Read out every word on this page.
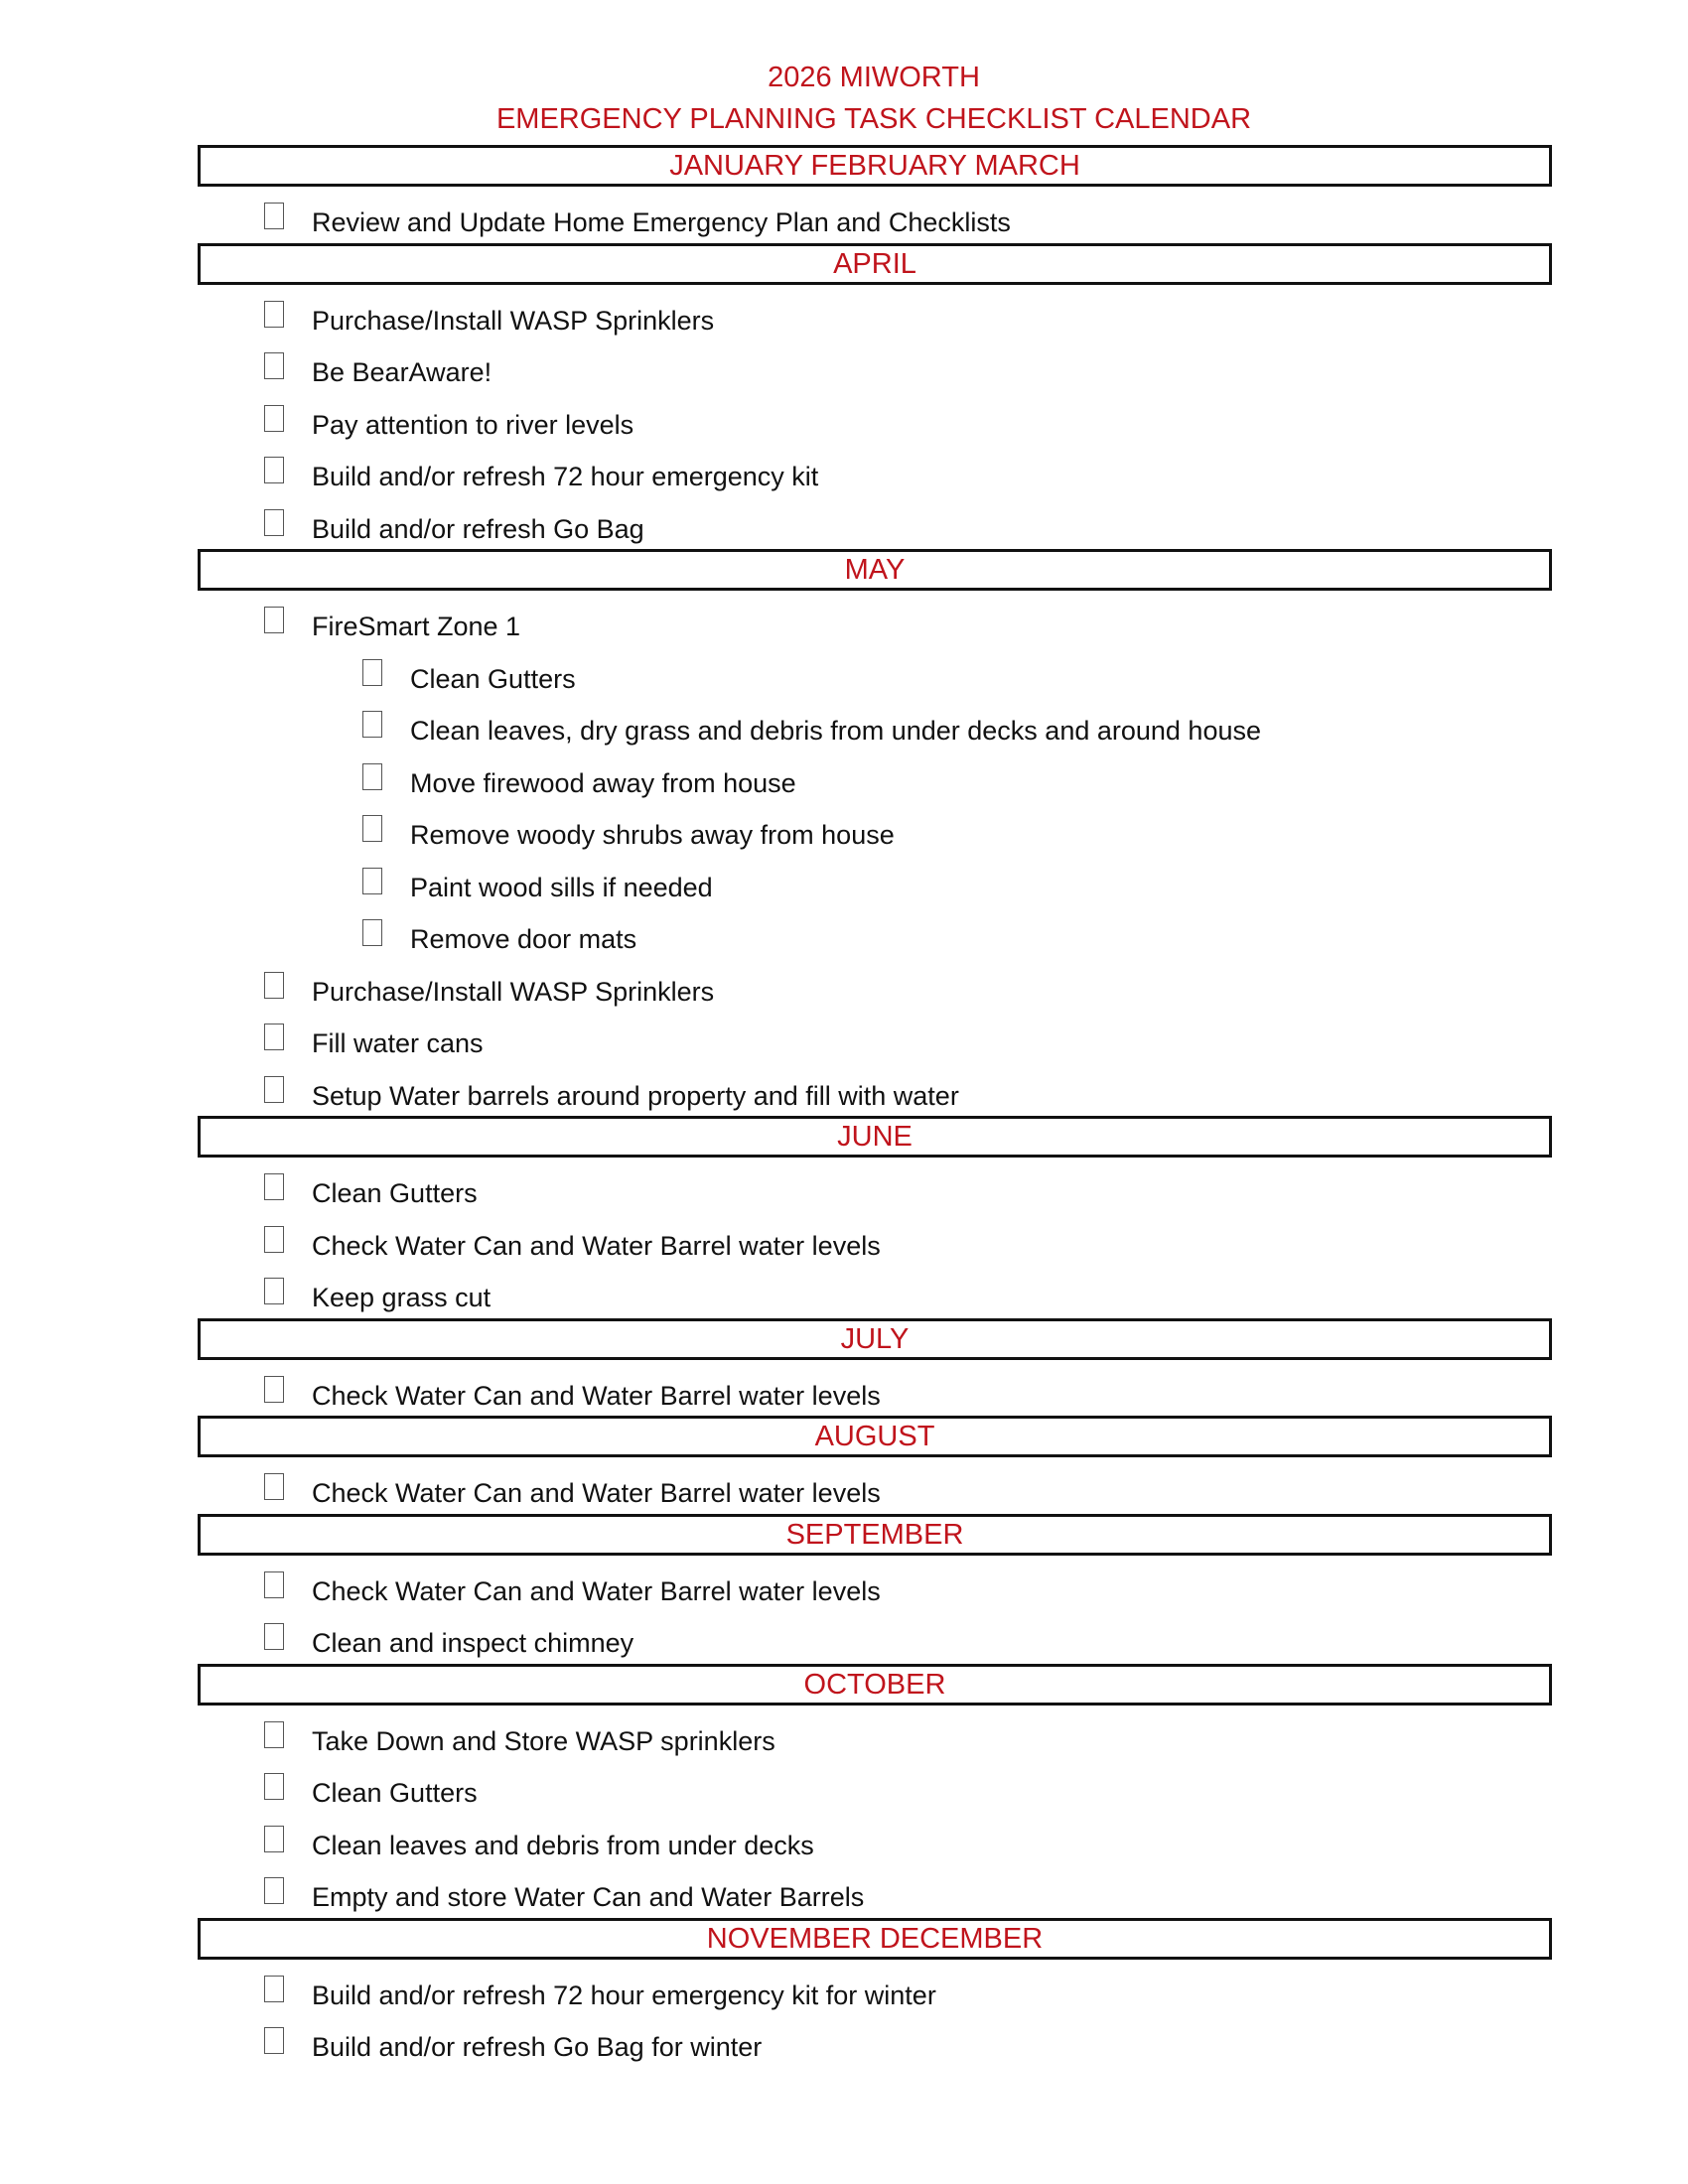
2026 MIWORTH
EMERGENCY PLANNING TASK CHECKLIST CALENDAR
JANUARY FEBRUARY MARCH
Review and Update Home Emergency Plan and Checklists
APRIL
Purchase/Install WASP Sprinklers
Be BearAware!
Pay attention to river levels
Build and/or refresh 72 hour emergency kit
Build and/or refresh Go Bag
MAY
FireSmart Zone 1
Clean Gutters
Clean leaves, dry grass and debris from under decks and around house
Move firewood away from house
Remove woody shrubs away from house
Paint wood sills if needed
Remove door mats
Purchase/Install WASP Sprinklers
Fill water cans
Setup Water barrels around property and fill with water
JUNE
Clean Gutters
Check Water Can and Water Barrel water levels
Keep grass cut
JULY
Check Water Can and Water Barrel water levels
AUGUST
Check Water Can and Water Barrel water levels
SEPTEMBER
Check Water Can and Water Barrel water levels
Clean and inspect chimney
OCTOBER
Take Down and Store WASP sprinklers
Clean Gutters
Clean leaves and debris from under decks
Empty and store Water Can and Water Barrels
NOVEMBER DECEMBER
Build and/or refresh 72 hour emergency kit for winter
Build and/or refresh Go Bag for winter
